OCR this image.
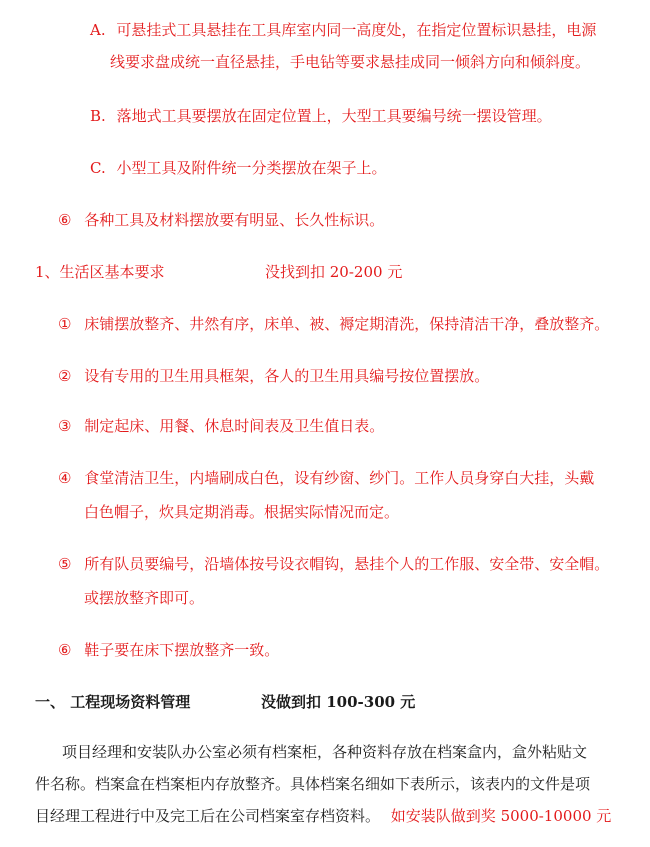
A. 可悬挂式工具悬挂在工具库室内同一高度处，在指定位置标识悬挂，电源
线要求盘成统一直径悬挂，手电钻等要求悬挂成同一倾斜方向和倾斜度。
B. 落地式工具要摆放在固定位置上，大型工具要编号统一摆设管理。
C. 小型工具及附件统一分类摆放在架子上。
⑥ 各种工具及材料摆放要有明显、长久性标识。
1、生活区基本要求	没找到扣 20-200 元
① 床铺摆放整齐、井然有序，床单、被、褥定期清洗，保持清洁干净，叠放整齐。
② 设有专用的卫生用具框架，各人的卫生用具编号按位置摆放。
③ 制定起床、用餐、休息时间表及卫生值日表。
④ 食堂清洁卫生，内墙刷成白色，设有纱窗、纱门。工作人员身穿白大挂，头戴
白色帽子，炊具定期消毒。根据实际情况而定。
⑤ 所有队员要编号，沿墙体按号设衣帽钩，悬挂个人的工作服、安全带、安全帽。
或摆放整齐即可。
⑥ 鞋子要在床下摆放整齐一致。
一、 工程现场资料管理	没做到扣 100-300 元
项目经理和安装队办公室必须有档案柜，各种资料存放在档案盒内，盒外粘贴文
件名称。档案盒在档案柜内存放整齐。具体档案名细如下表所示，该表内的文件是项
目经理工程进行中及完工后在公司档案室存档资料。 如安装队做到奖 5000-10000 元
